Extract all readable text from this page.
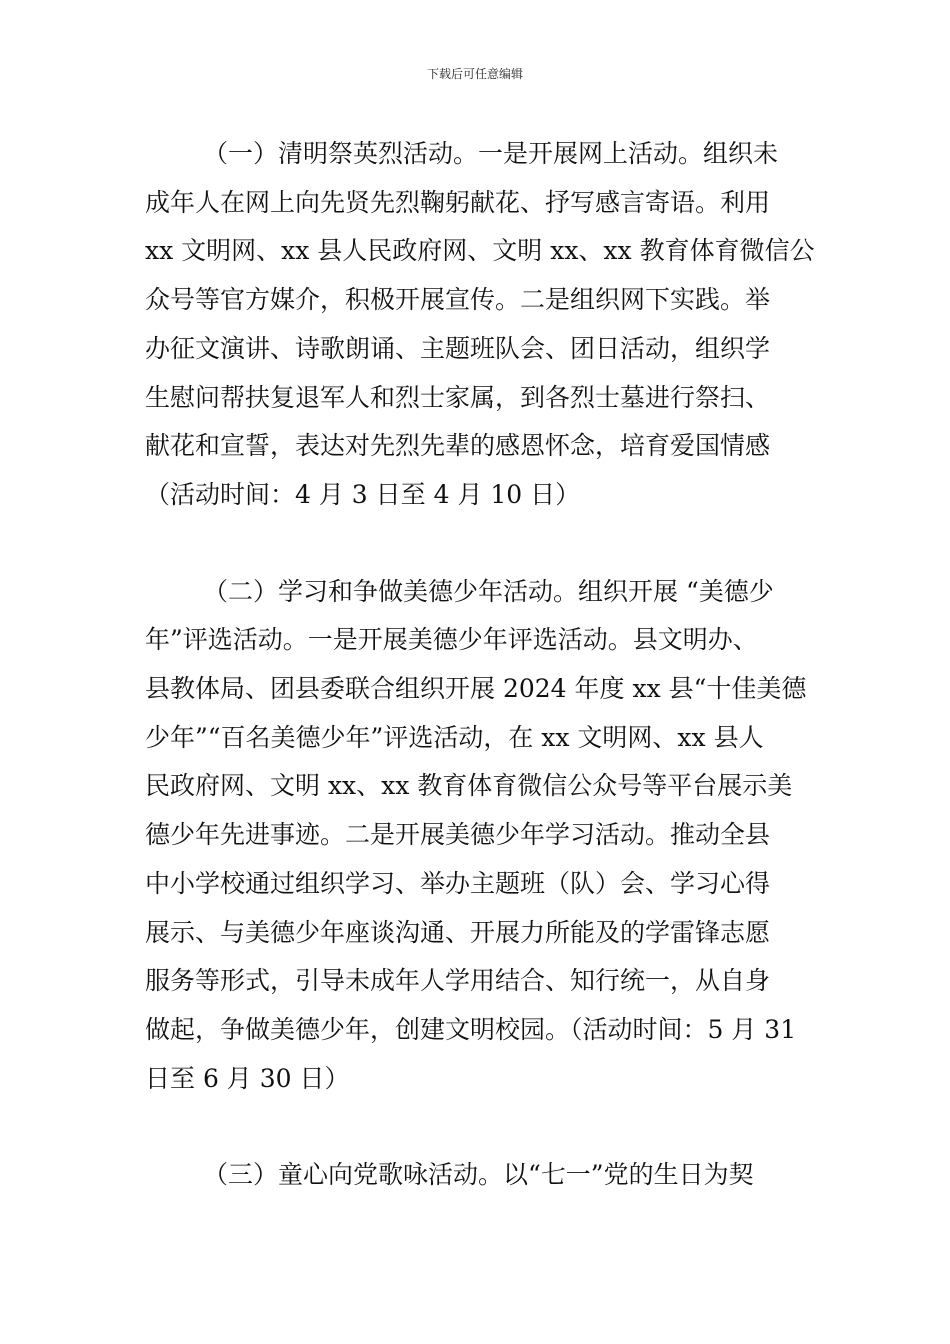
下载后可任意编辑
（一）清明祭英烈活动。一是开展网上活动。组织未
成年人在网上向先贤先烈鞠躬献花、抒写感言寄语。利用
xx 文明网、xx 县人民政府网、文明 xx、xx 教育体育微信公
众号等官方媒介，积极开展宣传。二是组织网下实践。举
办征文演讲、诗歌朗诵、主题班队会、团日活动，组织学
生慰问帮扶复退军人和烈士家属，到各烈士墓进行祭扫、
献花和宣誓，表达对先烈先辈的感恩怀念，培育爱国情感
（活动时间：4 月 3 日至 4 月 10 日）
（二）学习和争做美德少年活动。组织开展 “美德少
年”评选活动。一是开展美德少年评选活动。县文明办、
县教体局、团县委联合组织开展 2024 年度 xx 县“十佳美德
少年”“百名美德少年”评选活动，在 xx 文明网、xx 县人
民政府网、文明 xx、xx 教育体育微信公众号等平台展示美
德少年先进事迹。二是开展美德少年学习活动。推动全县
中小学校通过组织学习、举办主题班（队）会、学习心得
展示、与美德少年座谈沟通、开展力所能及的学雷锋志愿
服务等形式，引导未成年人学用结合、知行统一，从自身
做起，争做美德少年，创建文明校园。（活动时间：5 月 31
日至 6 月 30 日）
（三）童心向党歌咏活动。以“七一”党的生日为契
